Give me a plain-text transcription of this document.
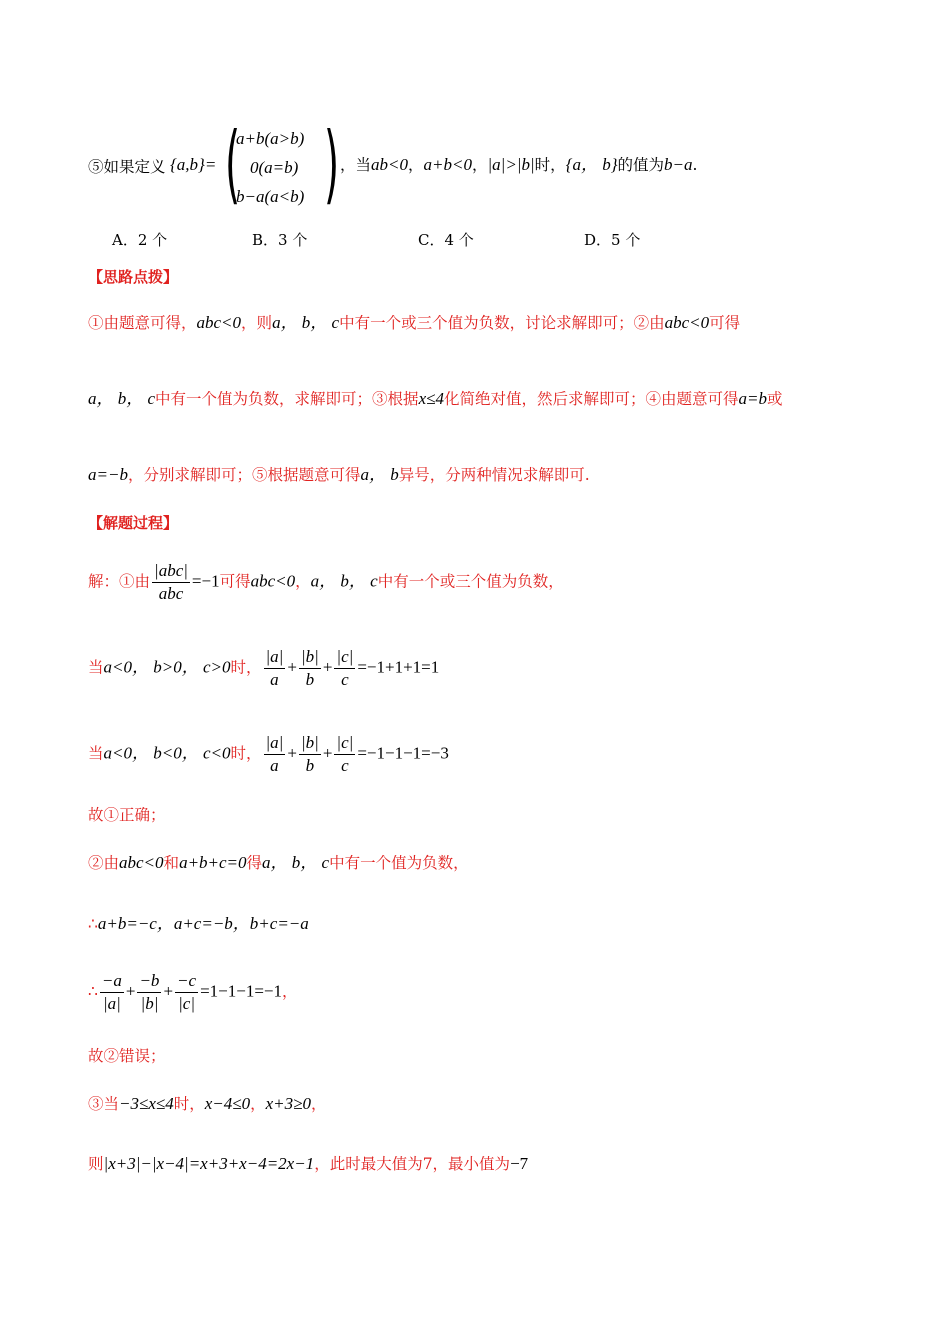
⑤如果定义 {a,b}= (
a+b(a>b)
0(a=b)
b−a(a<b) ) ，当ab<0，a+b<0，|a|>|b|时，{a， b}的值为b−a.
A．2 个	B．3 个	C．4 个	D．5 个
【思路点拨】
①由题意可得，abc<0，则a， b， c中有一个或三个值为负数，讨论求解即可；②由abc<0可得
a， b， c中有一个值为负数，求解即可；③根据x≤4化简绝对值，然后求解即可；④由题意可得a=b或
a=−b，分别求解即可；⑤根据题意可得a， b异号，分两种情况求解即可.
【解题过程】
解：①由 $\frac{\text{|abc|}}{\text{abc}} =-1$可得abc<0，a， b， c中有一个或三个值为负数，
当a<0， b>0， c>0时， $\frac{|a|}{a} + \frac{|b|}{b} + \frac{|c|}{c} =-1+1+1=1$
当a<0， b<0， c<0时， $\frac{|a|}{a} + \frac{|b|}{b} + \frac{|c|}{c} =-1-1-1=-3$
故①正确；
②由abc<0和a+b+c=0得a， b， c中有一个值为负数，
∴a+b=−c，a+c=−b，b+c=−a
∴ $\frac{-a}{|a|} + \frac{-b}{|b|} + \frac{-c}{|c|} =1-1-1=-1$，
故②错误；
③当−3≤x≤4时，x−4≤0，x+3≥0，
则|x+3|−|x−4|=x+3+x−4=2x−1，此时最大值为7，最小值为−7
